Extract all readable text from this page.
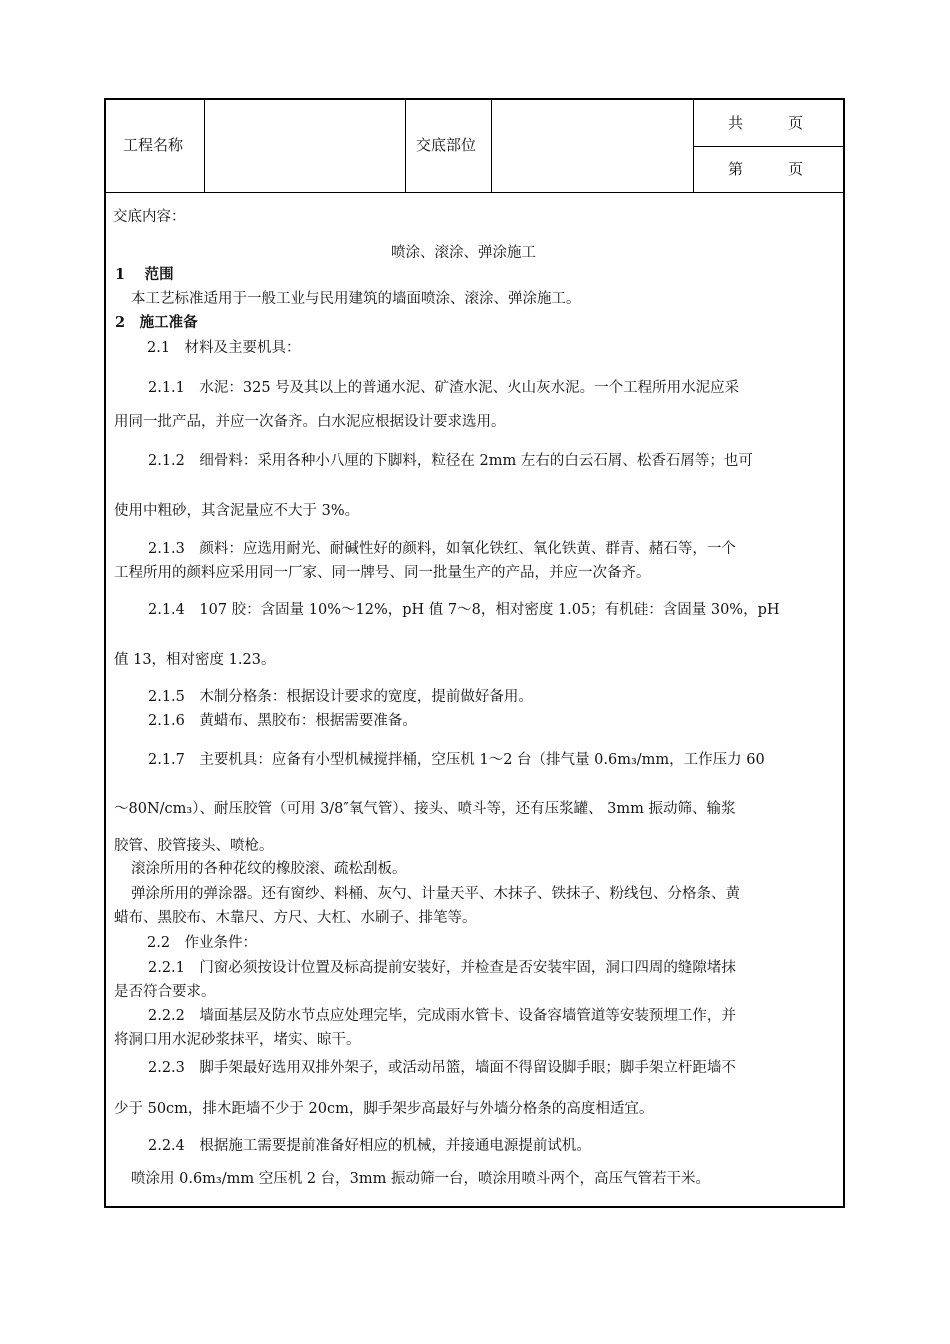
工程名称	交底部位
共　　　页
第　　　页
交底内容：
喷涂、滚涂、弹涂施工
1　 范围
本工艺标准适用于一般工业与民用建筑的墙面喷涂、滚涂、弹涂施工。
2　施工准备
2.1　材料及主要机具：
2.1.1　水泥：325 号及其以上的普通水泥、矿渣水泥、火山灰水泥。一个工程所用水泥应采
用同一批产品，并应一次备齐。白水泥应根据设计要求选用。
2.1.2　细骨料：采用各种小八厘的下脚料，粒径在 2mm 左右的白云石屑、松香石屑等；也可
使用中粗砂，其含泥量应不大于 3%。
2.1.3　颜料：应选用耐光、耐碱性好的颜料，如氧化铁红、氧化铁黄、群青、赭石等，一个
工程所用的颜料应采用同一厂家、同一牌号、同一批量生产的产品，并应一次备齐。
2.1.4　107 胶：含固量 10%～12%，pH 值 7～8，相对密度 1.05；有机硅：含固量 30%，pH
值 13，相对密度 1.23。
2.1.5　木制分格条：根据设计要求的宽度，提前做好备用。
2.1.6　黄蜡布、黑胶布：根据需要准备。
2.1.7　主要机具：应备有小型机械搅拌桶，空压机 1～2 台（排气量 0.6m₃/mm，工作压力 60
～80N/cm₃）、耐压胶管（可用 3/8″氧气管）、接头、喷斗等，还有压浆罐、 3mm 振动筛、输浆
胶管、胶管接头、喷枪。
滚涂所用的各种花纹的橡胶滚、疏松刮板。
弹涂所用的弹涂器。还有窗纱、料桶、灰勺、计量天平、木抹子、铁抹子、粉线包、分格条、黄
蜡布、黑胶布、木靠尺、方尺、大杠、水刷子、排笔等。
2.2　作业条件：
2.2.1　门窗必须按设计位置及标高提前安装好，并检查是否安装牢固，洞口四周的缝隙堵抹
是否符合要求。
2.2.2　墙面基层及防水节点应处理完毕，完成雨水管卡、设备容墙管道等安装预埋工作，并
将洞口用水泥砂浆抹平，堵实、晾干。
2.2.3　脚手架最好选用双排外架子，或活动吊篮，墙面不得留设脚手眼；脚手架立杆距墙不
少于 50cm，排木距墙不少于 20cm，脚手架步高最好与外墙分格条的高度相适宜。
2.2.4　根据施工需要提前准备好相应的机械，并接通电源提前试机。
喷涂用 0.6m₃/mm 空压机 2 台，3mm 振动筛一台，喷涂用喷斗两个，高压气管若干米。
